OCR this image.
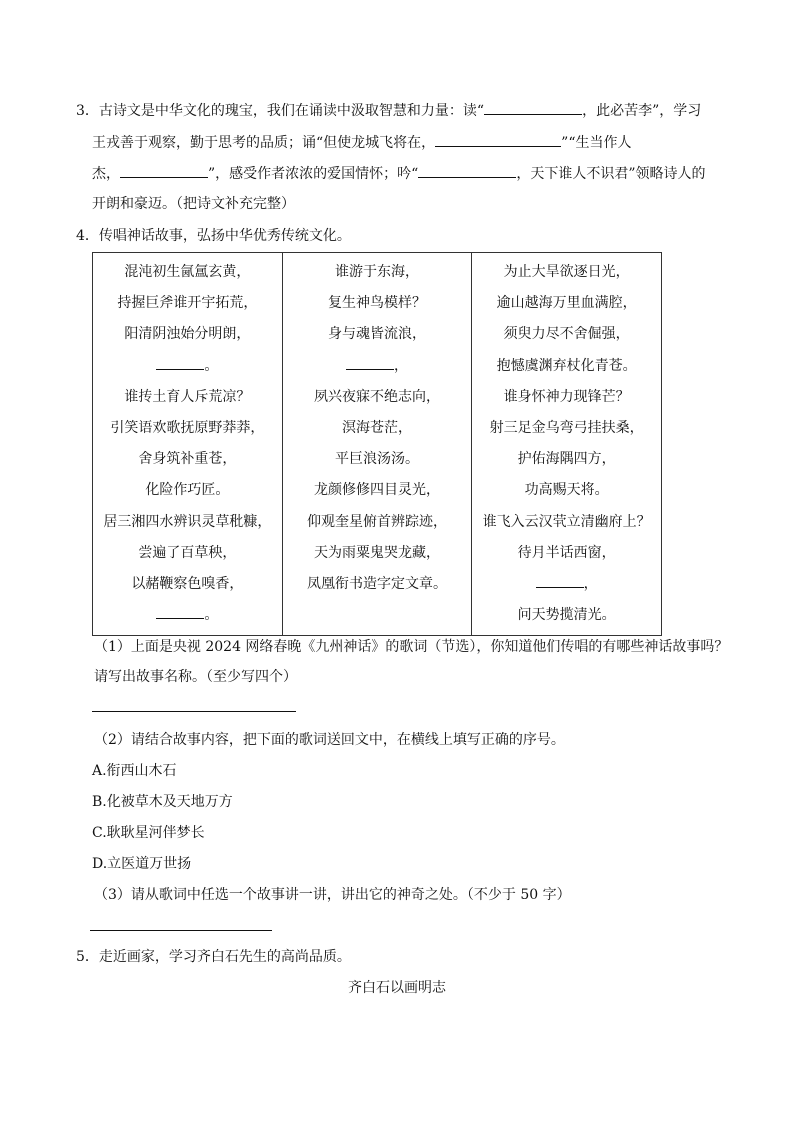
3．古诗文是中华文化的瑰宝，我们在诵读中汲取智慧和力量：读“	，此必苦李”，学习
王戎善于观察，勤于思考的品质；诵“但使龙城飞将在，	”“生当作人
杰，	”，感受作者浓浓的爱国情怀；吟“	，天下谁人不识君”领略诗人的
开朗和豪迈。（把诗文补充完整）
4．传唱神话故事，弘扬中华优秀传统文化。
混沌初生氤氲玄黄，
持握巨斧谁开宇拓荒，
阳清阴浊始分明朗，
。
谁抟土育人斥荒凉？
引笑语欢歌抚原野莽莽，
舍身筑补重苍，
化险作巧匠。
居三湘四水辨识灵草秕糠，
尝遍了百草秧，
以赭鞭察色嗅香，
。

谁游于东海，
复生神鸟模样？
身与魂皆流浪，
，
夙兴夜寐不绝志向，
溟海苍茫，
平巨浪汤汤。
龙颜修修四目灵光，
仰观奎星俯首辨踪迹，
天为雨粟鬼哭龙藏，
凤凰衔书造字定文章。

为止大旱欲逐日光，
逾山越海万里血满腔，
须臾力尽不舍倔强，
抱憾虞渊弃杖化青苍。
谁身怀神力现锋芒？
射三足金乌弯弓挂扶桑，
护佑海隅四方，
功高赐天将。
谁飞入云汉茕立清幽府上？
待月半话西窗，
，
问天势揽清光。
（1）上面是央视 2024 网络春晚《九州神话》的歌词（节选），你知道他们传唱的有哪些神话故事吗？
请写出故事名称。（至少写四个）
（2）请结合故事内容，把下面的歌词送回文中，在横线上填写正确的序号。
A.衔西山木石
B.化被草木及天地万方
C.耿耿星河伴梦长
D.立医道万世扬
（3）请从歌词中任选一个故事讲一讲，讲出它的神奇之处。（不少于 50 字）
5．走近画家，学习齐白石先生的高尚品质。
齐白石以画明志
